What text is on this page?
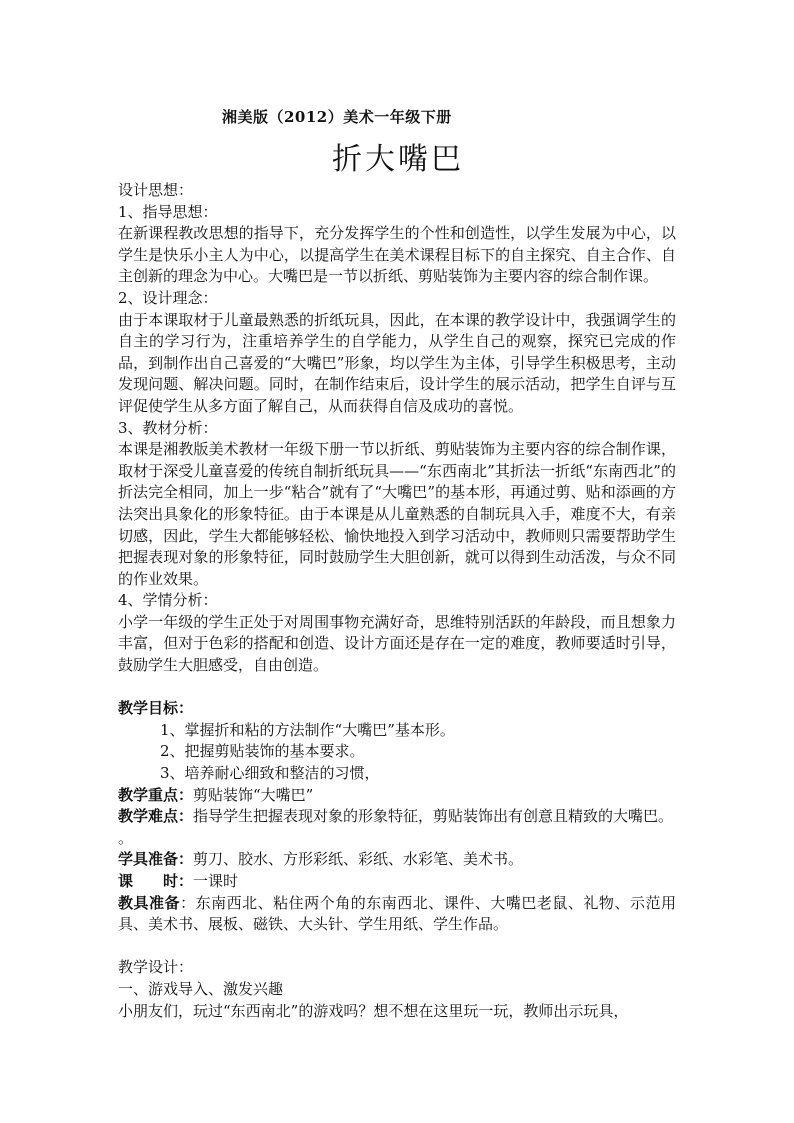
湘美版（2012）美术一年级下册
折大嘴巴
设计思想：
1、指导思想：
在新课程教改思想的指导下，充分发挥学生的个性和创造性，以学生发展为中心，以学生是快乐小主人为中心，以提高学生在美术课程目标下的自主探究、自主合作、自主创新的理念为中心。大嘴巴是一节以折纸、剪贴装饰为主要内容的综合制作课。
2、设计理念：
由于本课取材于儿童最熟悉的折纸玩具，因此，在本课的教学设计中，我强调学生的自主的学习行为，注重培养学生的自学能力，从学生自己的观察，探究已完成的作品，到制作出自己喜爱的“大嘴巴”形象，均以学生为主体，引导学生积极思考，主动发现问题、解决问题。同时，在制作结束后，设计学生的展示活动，把学生自评与互评促使学生从多方面了解自己，从而获得自信及成功的喜悦。
3、教材分析：
本课是湘教版美术教材一年级下册一节以折纸、剪贴装饰为主要内容的综合制作课，取材于深受儿童喜爱的传统自制折纸玩具——“东西南北”其折法一折纸“东南西北”的折法完全相同，加上一步“粘合”就有了“大嘴巴”的基本形，再通过剪、贴和添画的方法突出具象化的形象特征。由于本课是从儿童熟悉的自制玩具入手，难度不大，有亲切感，因此，学生大都能够轻松、愉快地投入到学习活动中，教师则只需要帮助学生把握表现对象的形象特征，同时鼓励学生大胆创新，就可以得到生动活泼，与众不同的作业效果。
4、学情分析：
小学一年级的学生正处于对周围事物充满好奇，思维特别活跃的年龄段，而且想象力丰富，但对于色彩的搭配和创造、设计方面还是存在一定的难度，教师要适时引导，鼓励学生大胆感受，自由创造。
教学目标：
1、掌握折和粘的方法制作“大嘴巴”基本形。
2、把握剪贴装饰的基本要求。
3、培养耐心细致和整洁的习惯，
教学重点：剪贴装饰“大嘴巴”
教学难点：指导学生把握表现对象的形象特征，剪贴装饰出有创意且精致的大嘴巴。
。
学具准备：剪刀、胶水、方形彩纸、彩纸、水彩笔、美术书。
课　　时：一课时
教具准备：东南西北、粘住两个角的东南西北、课件、大嘴巴老鼠、礼物、示范用具、美术书、展板、磁铁、大头针、学生用纸、学生作品。
教学设计：
一、游戏导入、激发兴趣
小朋友们，玩过“东西南北”的游戏吗？想不想在这里玩一玩，教师出示玩具，
